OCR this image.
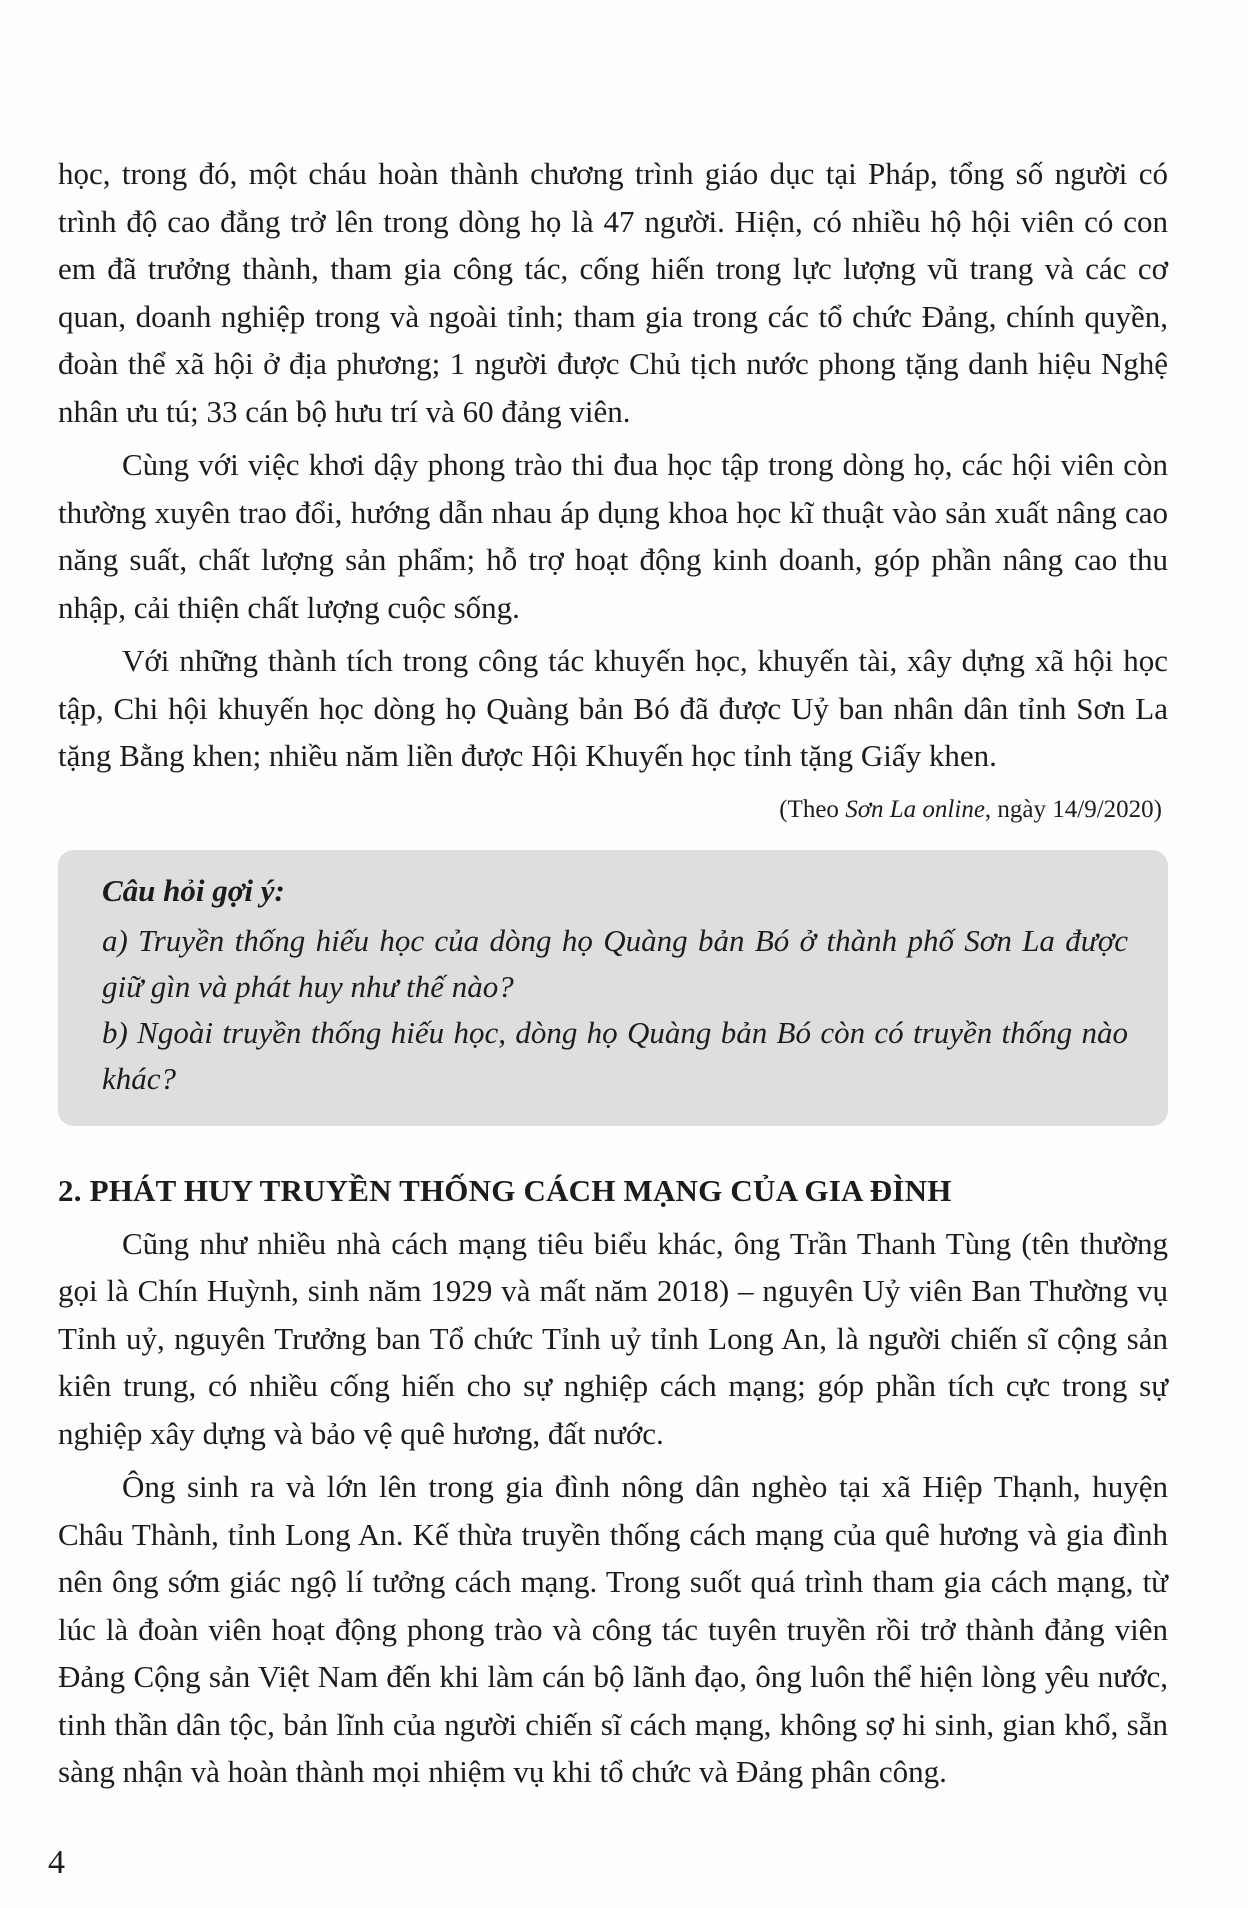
học, trong đó, một cháu hoàn thành chương trình giáo dục tại Pháp, tổng số người có trình độ cao đẳng trở lên trong dòng họ là 47 người. Hiện, có nhiều hộ hội viên có con em đã trưởng thành, tham gia công tác, cống hiến trong lực lượng vũ trang và các cơ quan, doanh nghiệp trong và ngoài tỉnh; tham gia trong các tổ chức Đảng, chính quyền, đoàn thể xã hội ở địa phương; 1 người được Chủ tịch nước phong tặng danh hiệu Nghệ nhân ưu tú; 33 cán bộ hưu trí và 60 đảng viên.

Cùng với việc khơi dậy phong trào thi đua học tập trong dòng họ, các hội viên còn thường xuyên trao đổi, hướng dẫn nhau áp dụng khoa học kĩ thuật vào sản xuất nâng cao năng suất, chất lượng sản phẩm; hỗ trợ hoạt động kinh doanh, góp phần nâng cao thu nhập, cải thiện chất lượng cuộc sống.

Với những thành tích trong công tác khuyến học, khuyến tài, xây dựng xã hội học tập, Chi hội khuyến học dòng họ Quàng bản Bó đã được Uỷ ban nhân dân tỉnh Sơn La tặng Bằng khen; nhiều năm liền được Hội Khuyến học tỉnh tặng Giấy khen.

(Theo Sơn La online, ngày 14/9/2020)

Câu hỏi gợi ý:

a) Truyền thống hiếu học của dòng họ Quàng bản Bó ở thành phố Sơn La được giữ gìn và phát huy như thế nào?

b) Ngoài truyền thống hiếu học, dòng họ Quàng bản Bó còn có truyền thống nào khác?

2. PHÁT HUY TRUYỀN THỐNG CÁCH MẠNG CỦA GIA ĐÌNH

Cũng như nhiều nhà cách mạng tiêu biểu khác, ông Trần Thanh Tùng (tên thường gọi là Chín Huỳnh, sinh năm 1929 và mất năm 2018) – nguyên Uỷ viên Ban Thường vụ Tỉnh uỷ, nguyên Trưởng ban Tổ chức Tỉnh uỷ tỉnh Long An, là người chiến sĩ cộng sản kiên trung, có nhiều cống hiến cho sự nghiệp cách mạng; góp phần tích cực trong sự nghiệp xây dựng và bảo vệ quê hương, đất nước.

Ông sinh ra và lớn lên trong gia đình nông dân nghèo tại xã Hiệp Thạnh, huyện Châu Thành, tỉnh Long An. Kế thừa truyền thống cách mạng của quê hương và gia đình nên ông sớm giác ngộ lí tưởng cách mạng. Trong suốt quá trình tham gia cách mạng, từ lúc là đoàn viên hoạt động phong trào và công tác tuyên truyền rồi trở thành đảng viên Đảng Cộng sản Việt Nam đến khi làm cán bộ lãnh đạo, ông luôn thể hiện lòng yêu nước, tinh thần dân tộc, bản lĩnh của người chiến sĩ cách mạng, không sợ hi sinh, gian khổ, sẵn sàng nhận và hoàn thành mọi nhiệm vụ khi tổ chức và Đảng phân công.

4
